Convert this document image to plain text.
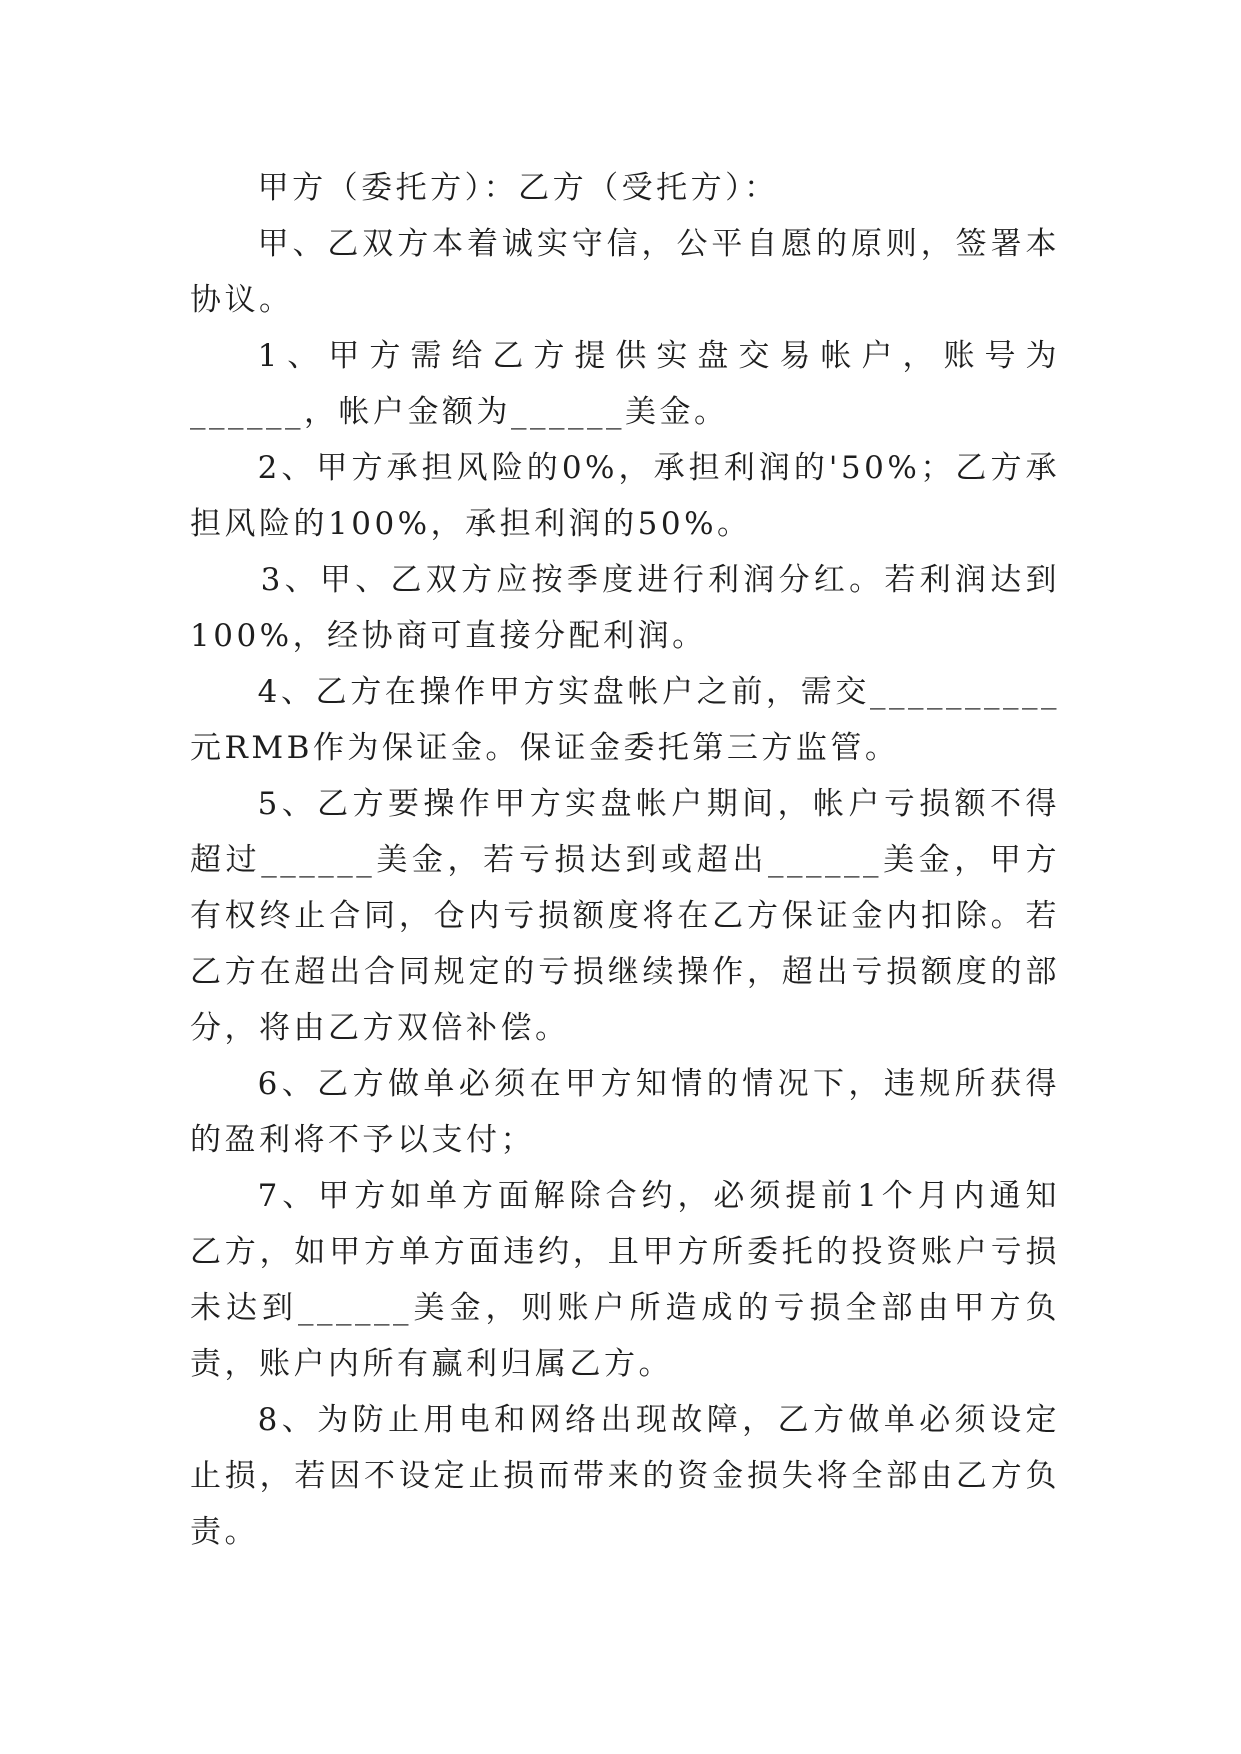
甲方（委托方）：乙方（受托方）：

甲、乙双方本着诚实守信，公平自愿的原则，签署本协议。

1、甲方需给乙方提供实盘交易帐户，账号为______，帐户金额为______美金。

2、甲方承担风险的0%，承担利润的'50%；乙方承担风险的100%，承担利润的50%。

3、甲、乙双方应按季度进行利润分红。若利润达到100%，经协商可直接分配利润。

4、乙方在操作甲方实盘帐户之前，需交__________元RMB作为保证金。保证金委托第三方监管。

5、乙方要操作甲方实盘帐户期间，帐户亏损额不得超过______美金，若亏损达到或超出______美金，甲方有权终止合同，仓内亏损额度将在乙方保证金内扣除。若乙方在超出合同规定的亏损继续操作，超出亏损额度的部分，将由乙方双倍补偿。

6、乙方做单必须在甲方知情的情况下，违规所获得的盈利将不予以支付；

7、甲方如单方面解除合约，必须提前1个月内通知乙方，如甲方单方面违约，且甲方所委托的投资账户亏损未达到______美金，则账户所造成的亏损全部由甲方负责，账户内所有赢利归属乙方。

8、为防止用电和网络出现故障，乙方做单必须设定止损，若因不设定止损而带来的资金损失将全部由乙方负责。
